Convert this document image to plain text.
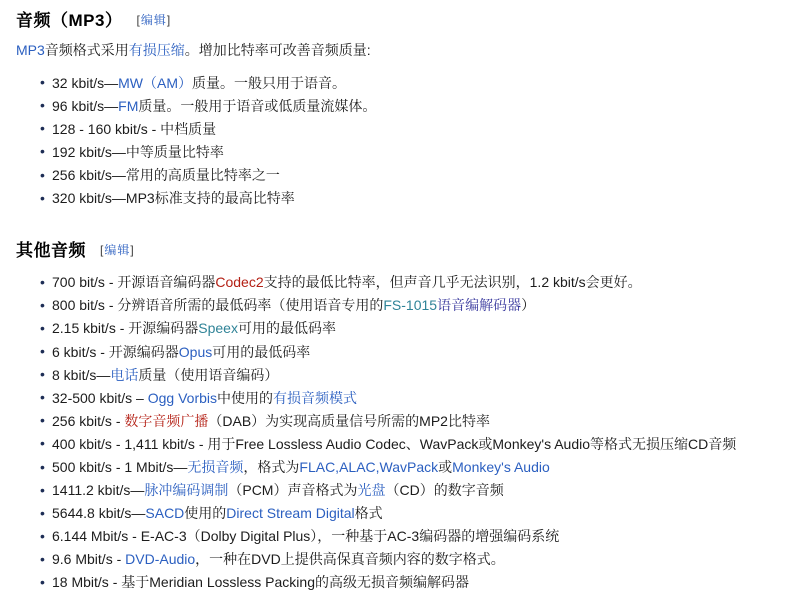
音频（MP3） [编辑]

MP3音频格式采用有损压缩。增加比特率可改善音频质量:

• 32 kbit/s—MW（AM）质量。一般只用于语音。
• 96 kbit/s—FM质量。一般用于语音或低质量流媒体。
• 128 - 160 kbit/s - 中档质量
• 192 kbit/s—中等质量比特率
• 256 kbit/s—常用的高质量比特率之一
• 320 kbit/s—MP3标准支持的最高比特率
其他音频 [编辑]
• 700 bit/s - 开源语音编码器Codec2支持的最低比特率，但声音几乎无法识别，1.2 kbit/s会更好。
• 800 bit/s - 分辨语音所需的最低码率（使用语音专用的FS-1015语音编解码器）
• 2.15 kbit/s - 开源编码器Speex可用的最低码率
• 6 kbit/s - 开源编码器Opus可用的最低码率
• 8 kbit/s—电话质量（使用语音编码）
• 32-500 kbit/s – Ogg Vorbis中使用的有损音频模式
• 256 kbit/s - 数字音频广播（DAB）为实现高质量信号所需的MP2比特率
• 400 kbit/s - 1,411 kbit/s - 用于Free Lossless Audio Codec、WavPack或Monkey's Audio等格式无损压缩CD音频
• 500 kbit/s - 1 Mbit/s—无损音频，格式为FLAC,ALAC,WavPack或Monkey's Audio
• 1411.2 kbit/s—脉冲编码调制（PCM）声音格式为光盘（CD）的数字音频
• 5644.8 kbit/s—SACD使用的Direct Stream Digital格式
• 6.144 Mbit/s - E-AC-3（Dolby Digital Plus），一种基于AC-3编码器的增强编码系统
• 9.6 Mbit/s - DVD-Audio，一种在DVD上提供高保真音频内容的数字格式。
• 18 Mbit/s - 基于Meridian Lossless Packing的高级无损音频编解码器
